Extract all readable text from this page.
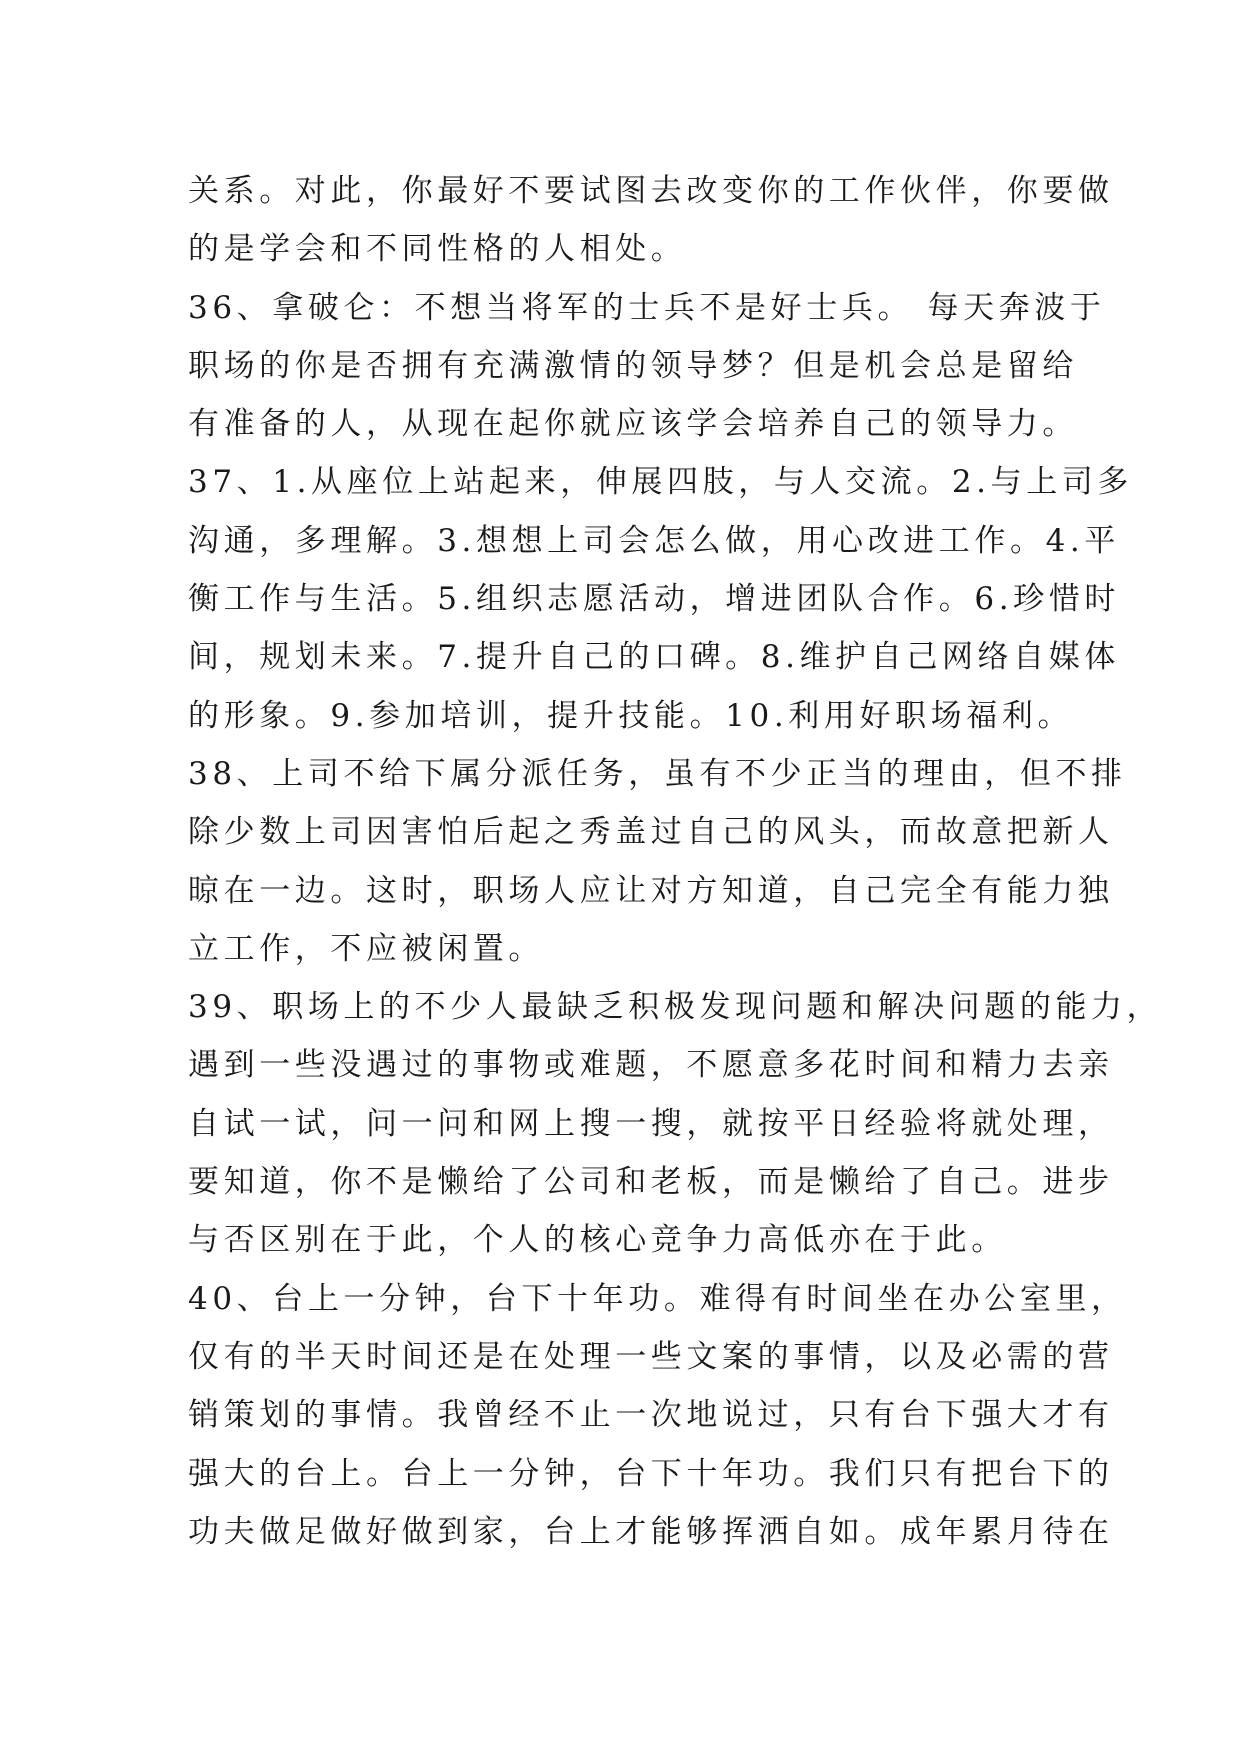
关系。对此，你最好不要试图去改变你的工作伙伴，你要做
的是学会和不同性格的人相处。
36、拿破仑：不想当将军的士兵不是好士兵。 每天奔波于
职场的你是否拥有充满激情的领导梦？但是机会总是留给
有准备的人，从现在起你就应该学会培养自己的领导力。
37、1.从座位上站起来，伸展四肢，与人交流。2.与上司多
沟通，多理解。3.想想上司会怎么做，用心改进工作。4.平
衡工作与生活。5.组织志愿活动，增进团队合作。6.珍惜时
间，规划未来。7.提升自己的口碑。8.维护自己网络自媒体
的形象。9.参加培训，提升技能。10.利用好职场福利。
38、上司不给下属分派任务，虽有不少正当的理由，但不排
除少数上司因害怕后起之秀盖过自己的风头，而故意把新人
晾在一边。这时，职场人应让对方知道，自己完全有能力独
立工作，不应被闲置。
39、职场上的不少人最缺乏积极发现问题和解决问题的能力，
遇到一些没遇过的事物或难题，不愿意多花时间和精力去亲
自试一试，问一问和网上搜一搜，就按平日经验将就处理，
要知道，你不是懒给了公司和老板，而是懒给了自己。进步
与否区别在于此，个人的核心竞争力高低亦在于此。
40、台上一分钟，台下十年功。难得有时间坐在办公室里，
仅有的半天时间还是在处理一些文案的事情，以及必需的营
销策划的事情。我曾经不止一次地说过，只有台下强大才有
强大的台上。台上一分钟，台下十年功。我们只有把台下的
功夫做足做好做到家，台上才能够挥洒自如。成年累月待在
